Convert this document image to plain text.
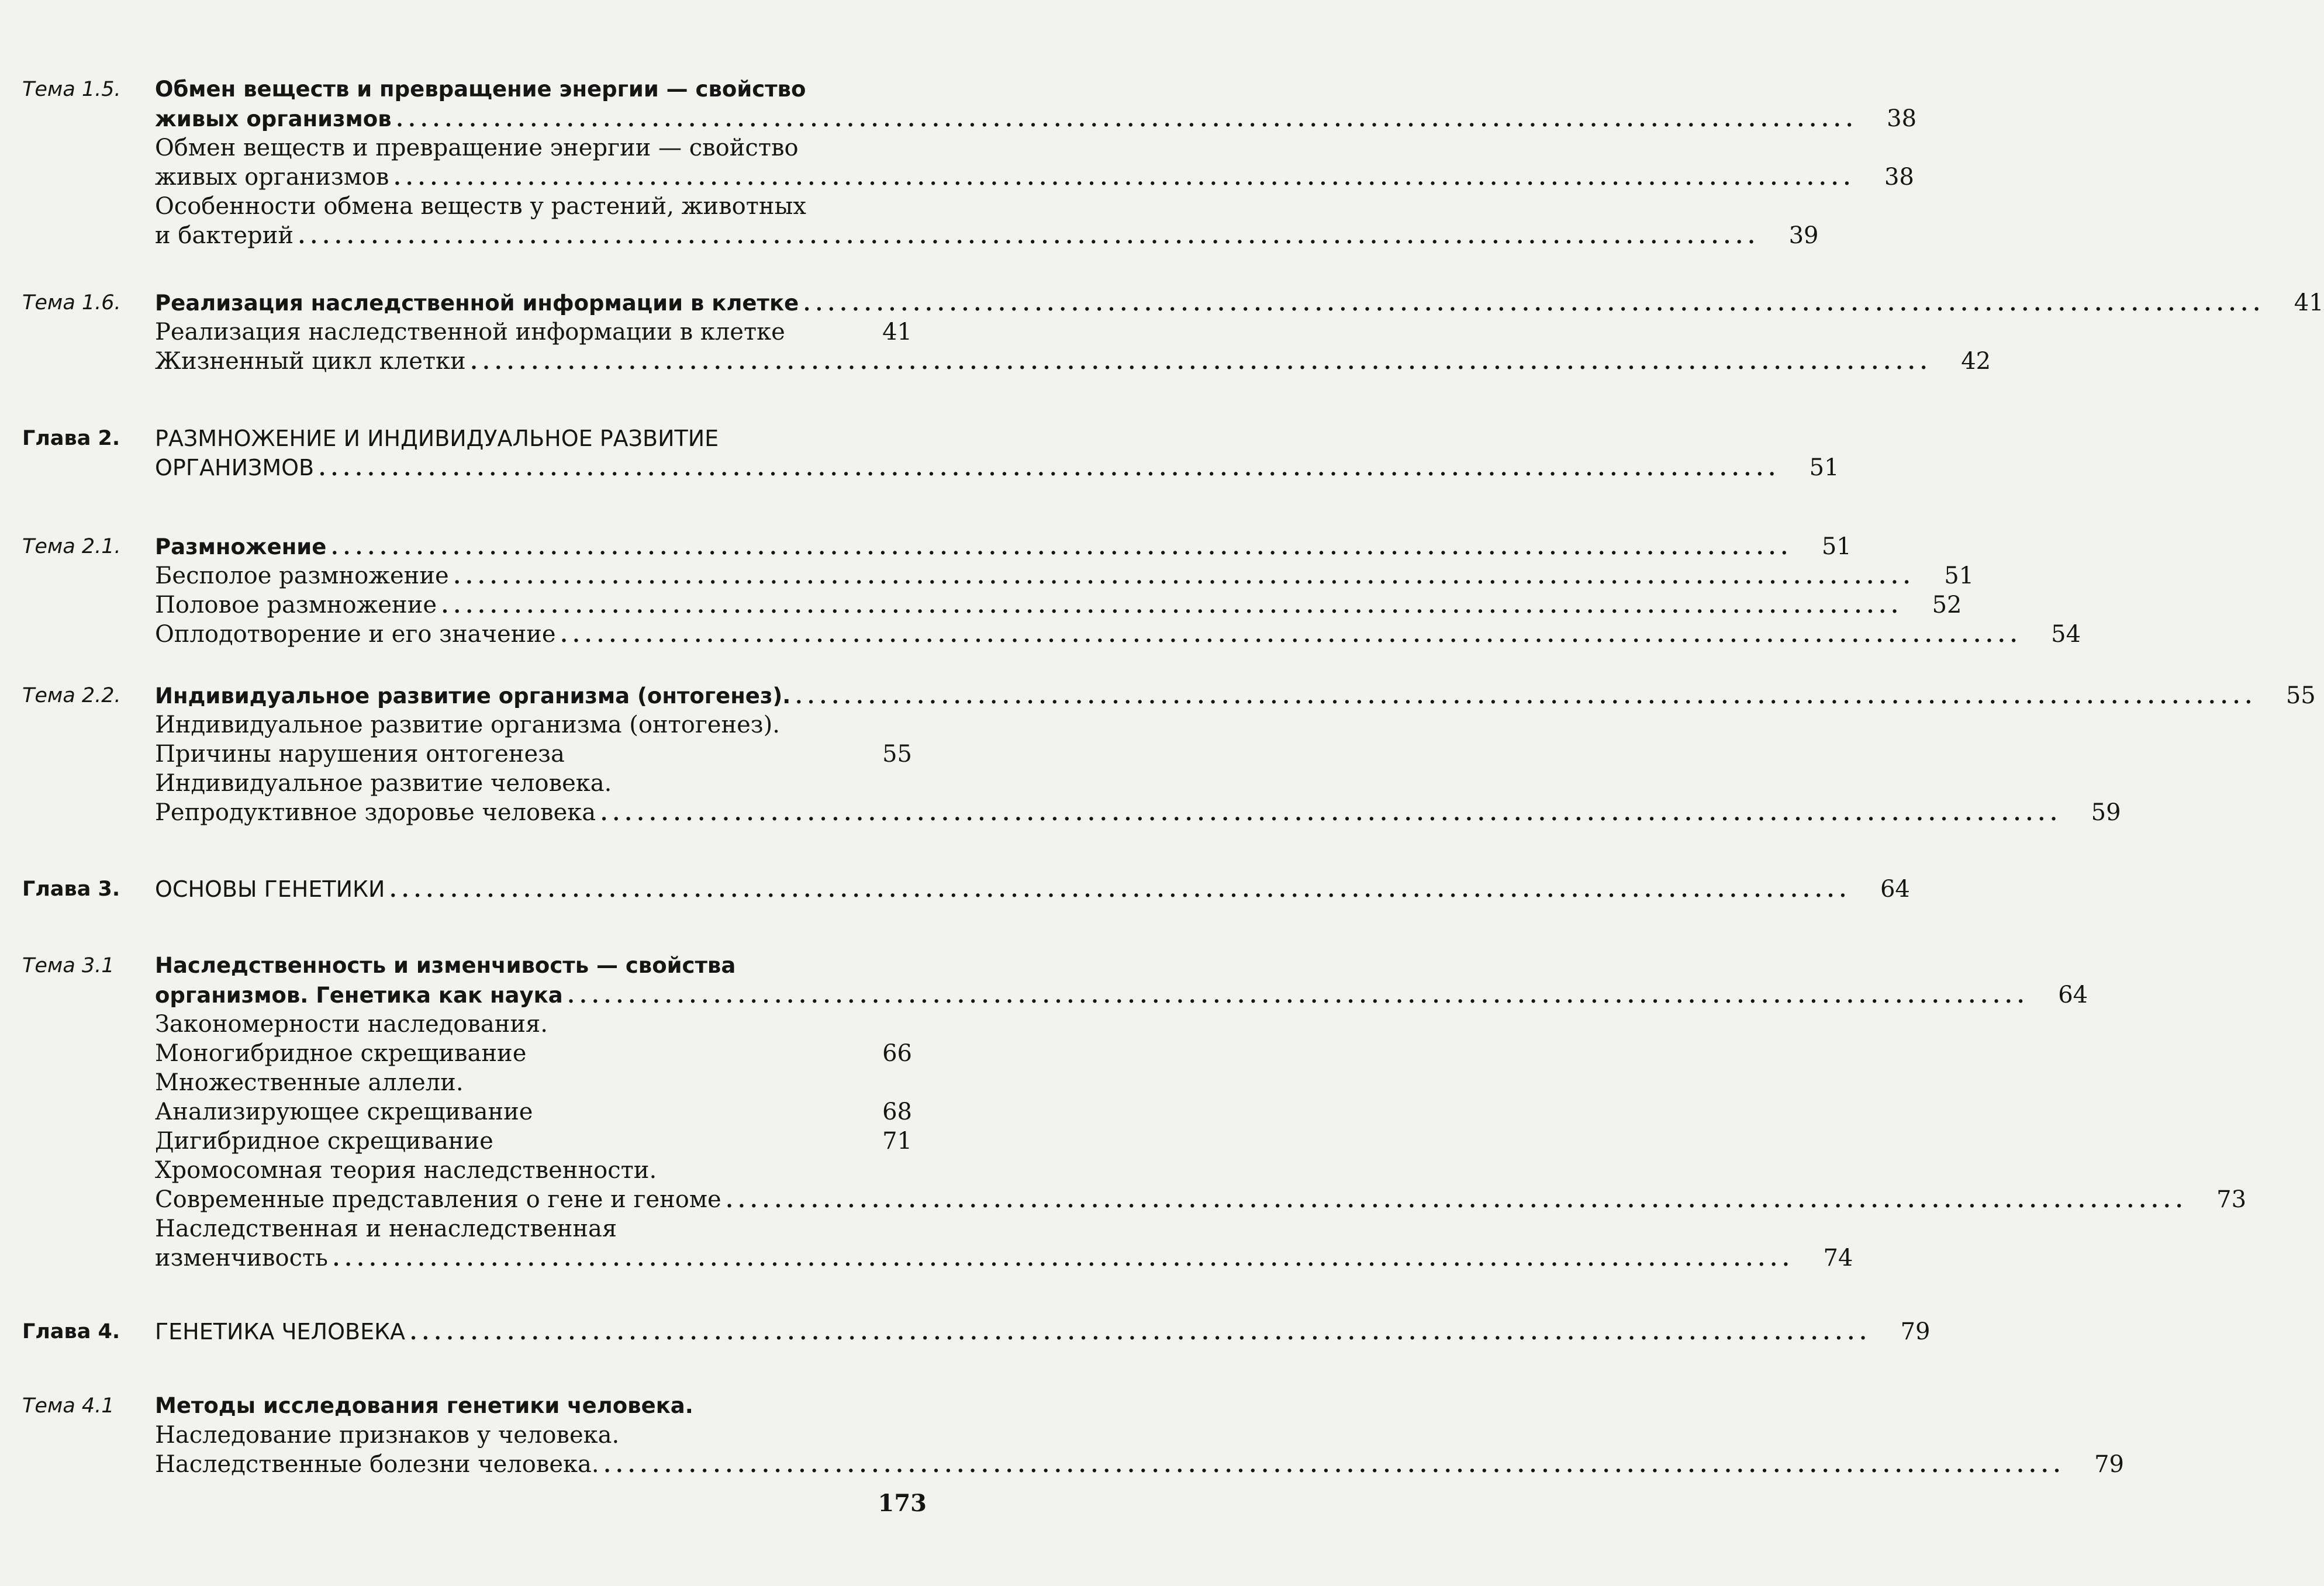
Тема 1.5. Обмен веществ и превращение энергии — свойство
живых организмов ........................................................................................................................	38
Обмен веществ и превращение энергии — свойство
живых организмов ........................................................................................................................	38
Особенности обмена веществ у растений, животных
и бактерий ........................................................................................................................	39
Тема 1.6. Реализация наследственной информации в клетке ........................................................................................................................	41
Реализация наследственной информации в клетке	41
Жизненный цикл клетки ........................................................................................................................	42
Глава 2. РАЗМНОЖЕНИЕ И ИНДИВИДУАЛЬНОЕ РАЗВИТИЕ
ОРГАНИЗМОВ ........................................................................................................................	51
Тема 2.1. Размножение ........................................................................................................................	51
Бесполое размножение ........................................................................................................................	51
Половое размножение ........................................................................................................................	52
Оплодотворение и его значение ........................................................................................................................	54
Тема 2.2. Индивидуальное развитие организма (онтогенез). ........................................................................................................................	55
Индивидуальное развитие организма (онтогенез).
Причины нарушения онтогенеза	55
Индивидуальное развитие человека.
Репродуктивное здоровье человека ........................................................................................................................	59
Глава 3. ОСНОВЫ ГЕНЕТИКИ ........................................................................................................................	64
Тема 3.1 Наследственность и изменчивость — свойства
организмов. Генетика как наука ........................................................................................................................	64
Закономерности наследования.
Моногибридное скрещивание	66
Множественные аллели.
Анализирующее скрещивание	68
Дигибридное скрещивание	71
Хромосомная теория наследственности.
Современные представления о гене и геноме ........................................................................................................................	73
Наследственная и ненаследственная
изменчивость ........................................................................................................................	74
Глава 4. ГЕНЕТИКА ЧЕЛОВЕКА ........................................................................................................................	79
Тема 4.1 Методы исследования генетики человека.
Наследование признаков у человека.
Наследственные болезни человека. ........................................................................................................................	79
173
